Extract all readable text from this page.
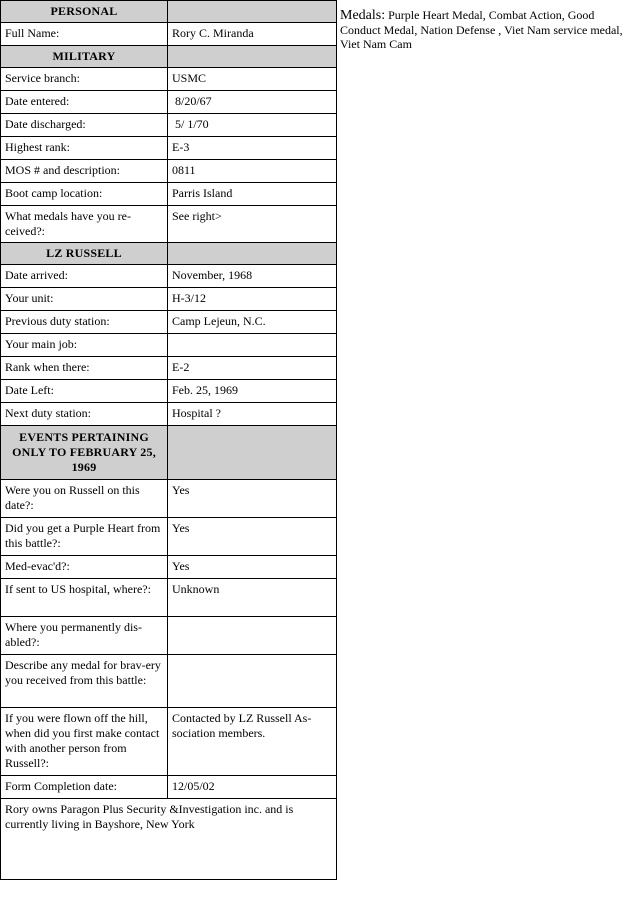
PERSONAL	
Full Name:	Rory C. Miranda
MILITARY	
Service branch:	USMC
Date entered:	8/20/67
Date discharged:	5/ 1/70
Highest rank:	E-3
MOS # and description:	0811
Boot camp location:	Parris Island
What medals have you re-ceived?:	See right>
LZ RUSSELL	
Date arrived:	November, 1968
Your unit:	H-3/12
Previous duty station:	Camp Lejeun, N.C.
Your main job:	
Rank when there:	E-2
Date Left:	Feb. 25, 1969
Next duty station:	Hospital ?
EVENTS PERTAINING ONLY TO FEBRUARY 25, 1969	
Were you on Russell on this date?:	Yes
Did you get a Purple Heart from this battle?:	Yes
Med-evac'd?:	Yes
If sent to US hospital, where?:	Unknown
Where you permanently dis-abled?:	
Describe any medal for brav-ery you received from this battle:	
If you were flown off the hill, when did you first make contact with another person from Russell?:	Contacted by LZ Russell As-sociation members.
Form Completion date:	12/05/02
Rory owns Paragon Plus Security &Investigation inc. and is currently living in Bayshore, New York	
Medals: Purple Heart Medal, Combat Action, Good Conduct Medal, Nation Defense , Viet Nam service medal, Viet Nam Cam
